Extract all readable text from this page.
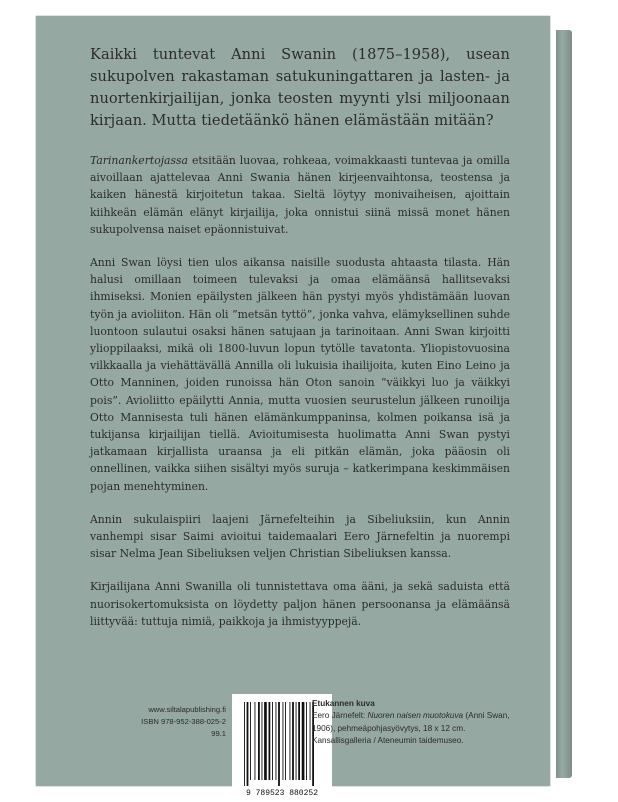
Kaikki tuntevat Anni Swanin (1875–1958), usean sukupolven rakastaman satukuningattaren ja lasten- ja nuortenkirjailijan, jonka teosten myynti ylsi miljoonaan kirjaan. Mutta tiedetäänkö hänen elämästään mitään?

Tarinankertojassa etsitään luovaa, rohkeaa, voimakkaasti tuntevaa ja omilla aivoillaan ajattelevaa Anni Swania hänen kirjeenvaihtonsa, teostensa ja kaiken hänestä kirjoitetun takaa. Sieltä löytyy monivaiheisen, ajoittain kiihkeän elämän elänyt kirjailija, joka onnistui siinä missä monet hänen sukupolvensa naiset epäonnistuivat.

Anni Swan löysi tien ulos aikansa naisille suodusta ahtaasta tilasta. Hän halusi omillaan toimeen tulevaksi ja omaa elämäänsä hallitsevaksi ihmiseksi. Monien epäilysten jälkeen hän pystyi myös yhdistämään luovan työn ja avioliiton. Hän oli ”metsän tyttö”, jonka vahva, elämyksellinen suhde luontoon sulautui osaksi hänen satujaan ja tarinoitaan. Anni Swan kirjoitti ylioppilaaksi, mikä oli 1800-luvun lopun tytölle tavatonta. Yliopistovuosina vilkkaalla ja viehättävällä Annilla oli lukuisia ihailijoita, kuten Eino Leino ja Otto Manninen, joiden runoissa hän Oton sanoin ”väikkyi luo ja väikkyi pois”. Avioliitto epäilytti Annia, mutta vuosien seurustelun jälkeen runoilija Otto Mannisesta tuli hänen elämänkumppaninsa, kolmen poikansa isä ja tukijansa kirjailijan tiellä. Avioitumisesta huolimatta Anni Swan pystyi jatkamaan kirjallista uraansa ja eli pitkän elämän, joka pääosin oli onnellinen, vaikka siihen sisältyi myös suruja – katkerimpana keskimmäisen pojan menehtyminen.

Annin sukulaispiiri laajeni Järnefelteihin ja Sibeliuksiin, kun Annin vanhempi sisar Saimi avioitui taidemaalari Eero Järnefeltin ja nuorempi sisar Nelma Jean Sibeliuksen veljen Christian Sibeliuksen kanssa.

Kirjailijana Anni Swanilla oli tunnistettava oma ääni, ja sekä saduista että nuorisokertomuksista on löydetty paljon hänen persoonansa ja elämäänsä liittyvää: tuttuja nimiä, paikkoja ja ihmistyyppejä.

www.siltalapublishing.fi
ISBN 978-952-388-025-2
99.1
9 789523 880252
Etukannen kuva
Eero Järnefelt: Nuoren naisen muotokuva (Anni Swan, 1906), pehmeäpohjasyövytys, 18 x 12 cm. Kansallisgalleria / Ateneumin taidemuseo.
